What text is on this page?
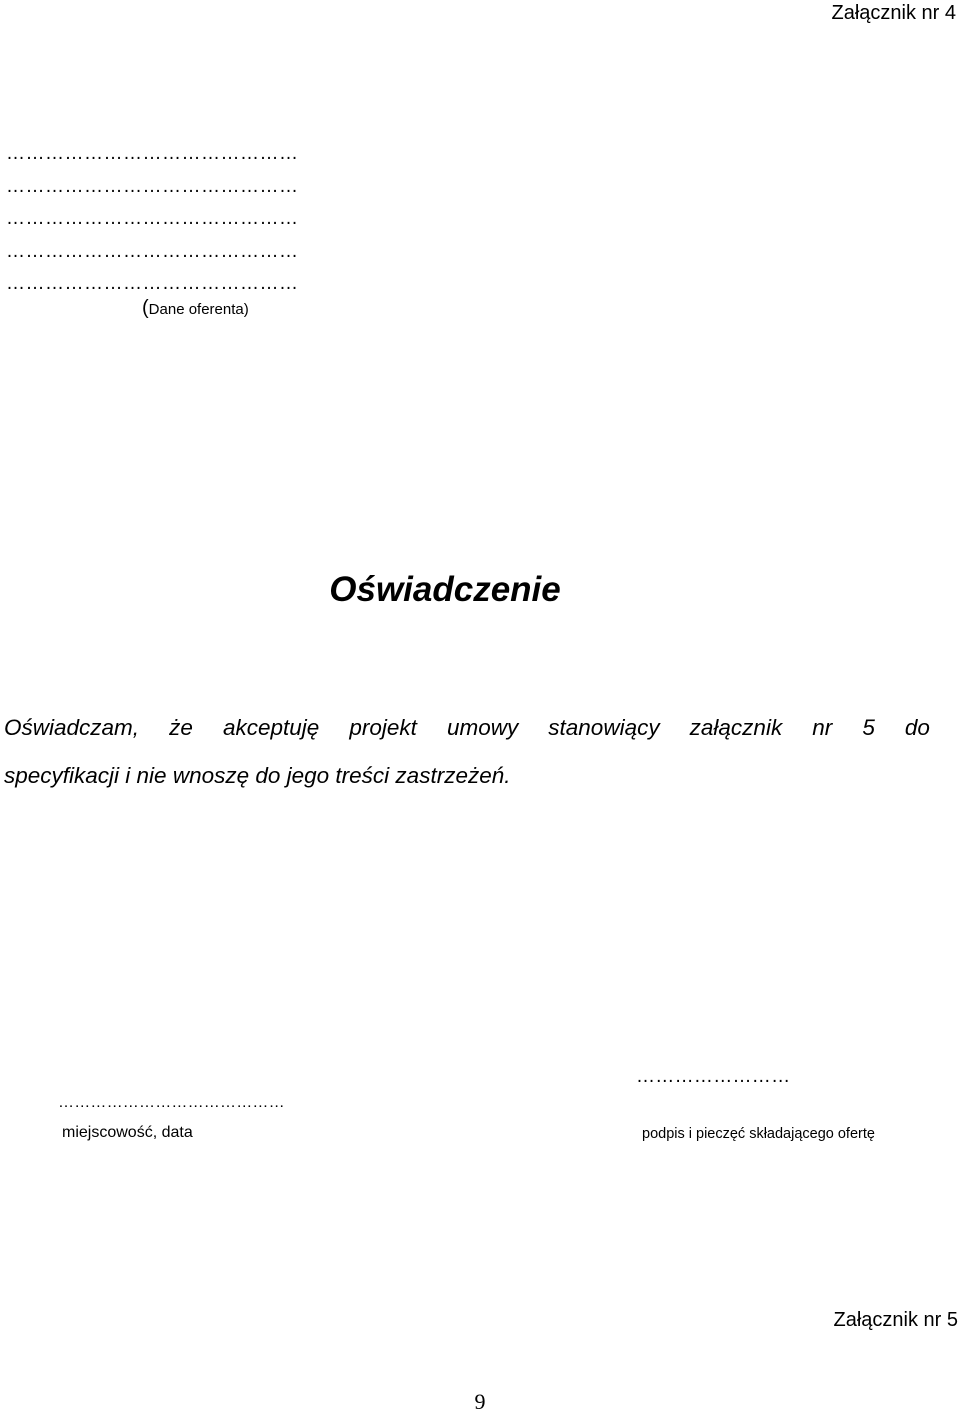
Załącznik nr 4
………………………………………
………………………………………
………………………………………
………………………………………
………………………………………
(Dane oferenta)
Oświadczenie
Oświadczam, że akceptuję projekt umowy stanowiący załącznik nr 5 do
specyfikacji i nie wnoszę do jego treści zastrzeżeń.
……………………………………
miejscowość, data
……………………
podpis i pieczęć składającego ofertę
Załącznik nr 5
9
